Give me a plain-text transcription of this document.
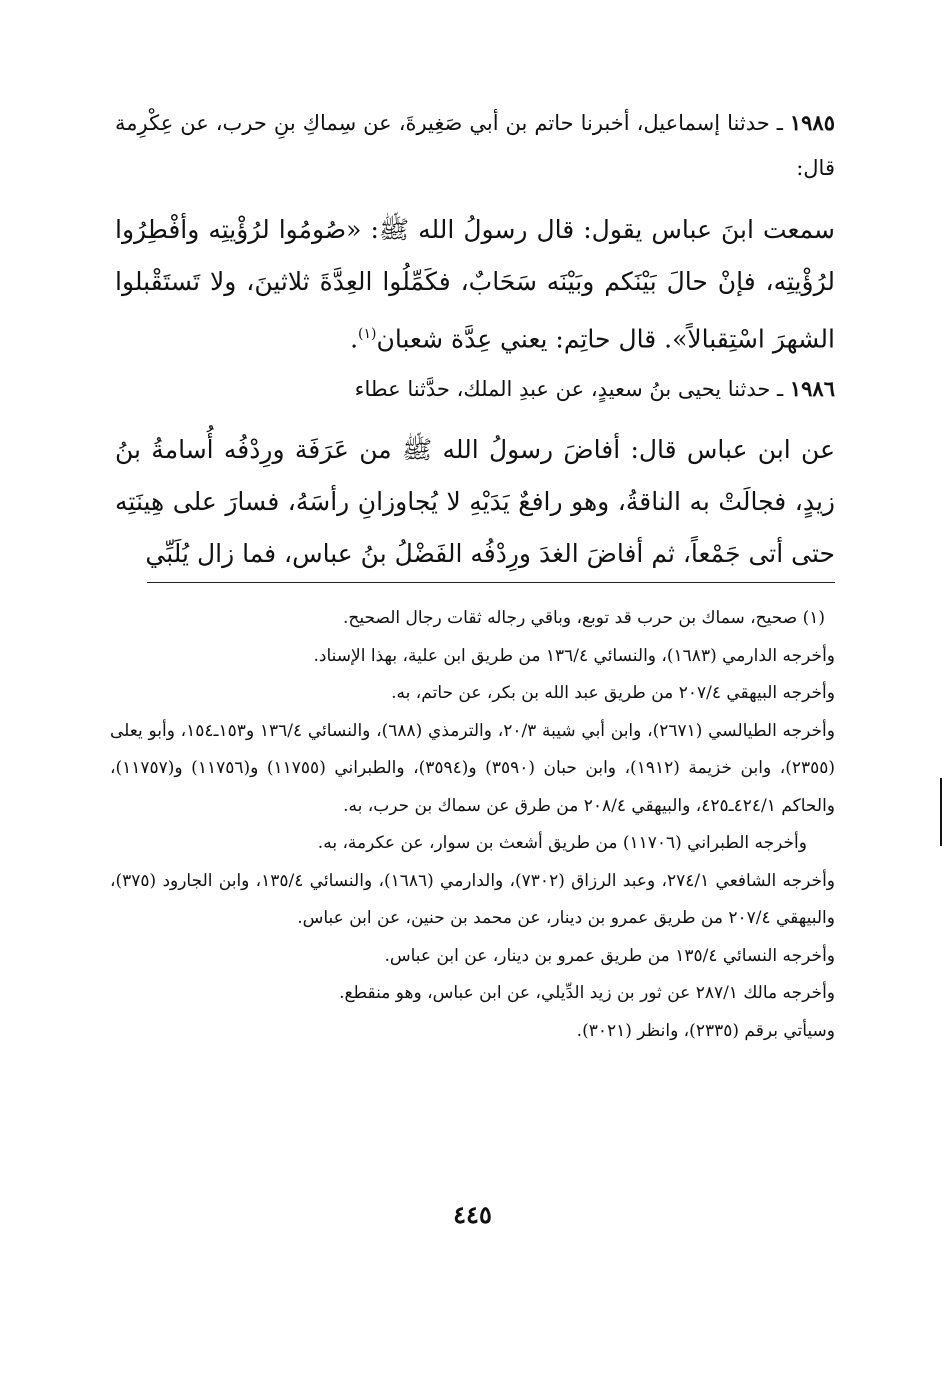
١٩٨٥ ـ حدثنا إسماعيل، أخبرنا حاتم بن أبي صَغِيرةَ، عن سِماكِ بنِ حرب، عن عِكْرِمة قال:

سمعت ابنَ عباس يقول: قال رسولُ الله ﷺ: «صُومُوا لرُؤْيتِه وأفْطِرُوا لرُؤْيتِه، فإنْ حالَ بَيْنَكم وبَيْنَه سَحَابٌ، فكَمِّلُوا العِدَّةَ ثلاثينَ، ولا تَستَقْبلوا الشهرَ اسْتِقبالاً». قال حاتِم: يعني عِدَّة شعبان$^{(١)}$.

١٩٨٦ ـ حدثنا يحيى بنُ سعيدٍ، عن عبدِ الملك، حدَّثنا عطاء

عن ابن عباس قال: أفاضَ رسولُ الله ﷺ من عَرَفَة ورِدْفُه أُسامةُ بنُ زيدٍ، فجالَتْ به الناقةُ، وهو رافعٌ يَدَيْهِ لا يُجاوزانِ رأسَهُ، فسارَ على هِينَتِه حتى أتى جَمْعاً، ثم أفاضَ الغدَ ورِدْفُه الفَضْلُ بنُ عباس، فما زال يُلَبِّي

(١) صحيح، سماك بن حرب قد توبع، وباقي رجاله ثقات رجال الصحيح.

وأخرجه الدارمي (١٦٨٣)، والنسائي ١٣٦/٤ من طريق ابن علية، بهذا الإسناد.

وأخرجه البيهقي ٢٠٧/٤ من طريق عبد الله بن بكر، عن حاتم، به.

وأخرجه الطيالسي (٢٦٧١)، وابن أبي شيبة ٢٠/٣، والترمذي (٦٨٨)، والنسائي ١٣٦/٤ و١٥٣ـ١٥٤، وأبو يعلى (٢٣٥٥)، وابن خزيمة (١٩١٢)، وابن حبان (٣٥٩٠) و(٣٥٩٤)، والطبراني (١١٧٥٥) و(١١٧٥٦) و(١١٧٥٧)، والحاكم ٤٢٤/١ـ٤٢٥، والبيهقي ٢٠٨/٤ من طرق عن سماك بن حرب، به.

وأخرجه الطبراني (١١٧٠٦) من طريق أشعث بن سوار، عن عكرمة، به.

وأخرجه الشافعي ٢٧٤/١، وعبد الرزاق (٧٣٠٢)، والدارمي (١٦٨٦)، والنسائي ١٣٥/٤، وابن الجارود (٣٧٥)، والبيهقي ٢٠٧/٤ من طريق عمرو بن دينار، عن محمد بن حنين، عن ابن عباس.

وأخرجه النسائي ١٣٥/٤ من طريق عمرو بن دينار، عن ابن عباس.

وأخرجه مالك ٢٨٧/١ عن ثور بن زيد الدِّيلي، عن ابن عباس، وهو منقطع.

وسيأتي برقم (٢٣٣٥)، وانظر (٣٠٢١).

٤٤٥
